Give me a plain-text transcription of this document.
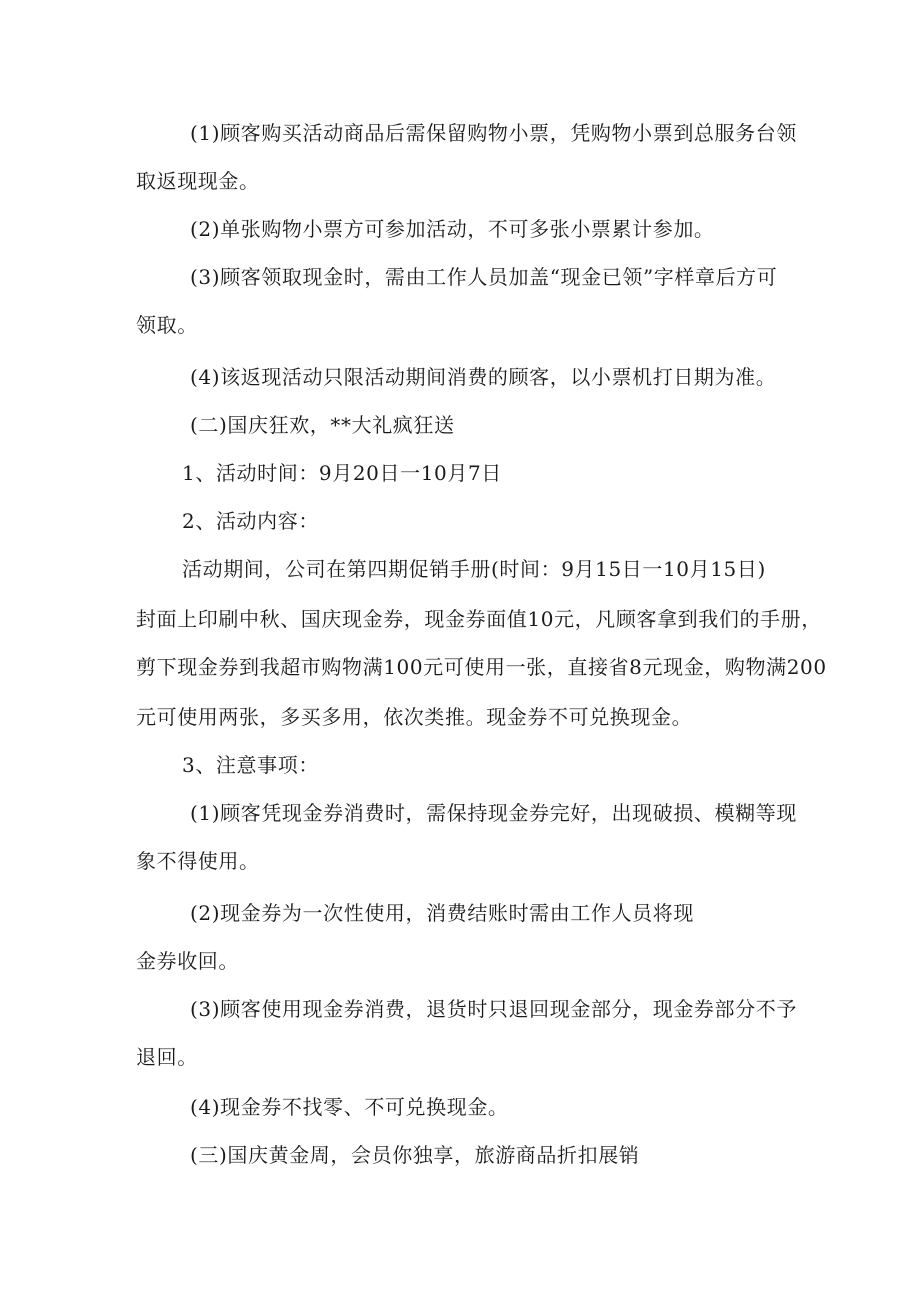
(1)顾客购买活动商品后需保留购物小票，凭购物小票到总服务台领
取返现现金。
(2)单张购物小票方可参加活动，不可多张小票累计参加。
(3)顾客领取现金时，需由工作人员加盖“现金已领”字样章后方可
领取。
(4)该返现活动只限活动期间消费的顾客，以小票机打日期为准。
(二)国庆狂欢，**大礼疯狂送
1、活动时间：9月20日一10月7日
2、活动内容：
活动期间，公司在第四期促销手册(时间：9月15日一10月15日)
封面上印刷中秋、国庆现金券，现金券面值10元，凡顾客拿到我们的手册，
剪下现金券到我超市购物满100元可使用一张，直接省8元现金，购物满200
元可使用两张，多买多用，依次类推。现金券不可兑换现金。
3、注意事项：
(1)顾客凭现金券消费时，需保持现金券完好，出现破损、模糊等现
象不得使用。
(2)现金券为一次性使用，消费结账时需由工作人员将现
金券收回。
(3)顾客使用现金券消费，退货时只退回现金部分，现金券部分不予
退回。
(4)现金券不找零、不可兑换现金。
(三)国庆黄金周，会员你独享，旅游商品折扣展销
